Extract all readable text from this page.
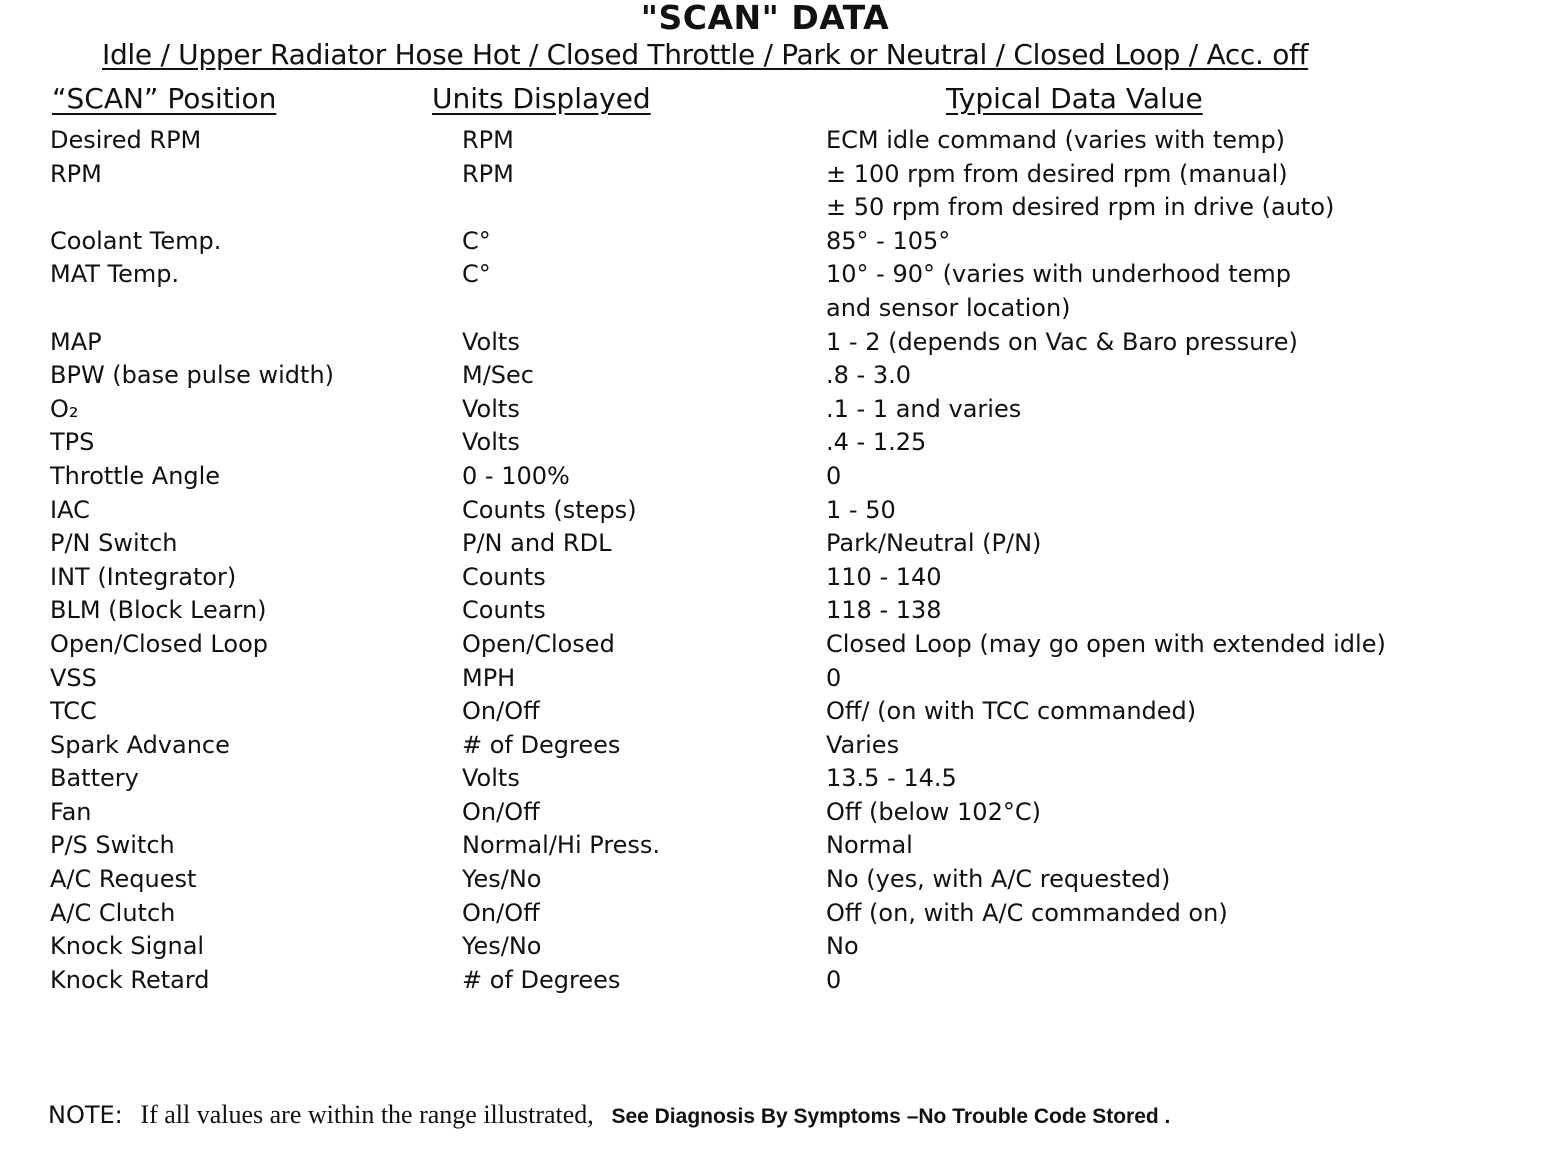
"SCAN" DATA
Idle / Upper Radiator Hose Hot / Closed Throttle / Park or Neutral / Closed Loop / Acc. off
“SCAN” Position	Units Displayed	Typical Data Value
Desired RPM	RPM	ECM idle command (varies with temp)
RPM	RPM	± 100 rpm from desired rpm (manual)
± 50 rpm from desired rpm in drive (auto)
Coolant Temp.	C°	85° - 105°
MAT Temp.	C°	10° - 90° (varies with underhood temp
and sensor location)
MAP	Volts	1 - 2 (depends on Vac & Baro pressure)
BPW (base pulse width)	M/Sec	.8 - 3.0
O₂	Volts	.1 - 1 and varies
TPS	Volts	.4 - 1.25
Throttle Angle	0 - 100%	0
IAC	Counts (steps)	1 - 50
P/N Switch	P/N and RDL	Park/Neutral (P/N)
INT (Integrator)	Counts	110 - 140
BLM (Block Learn)	Counts	118 - 138
Open/Closed Loop	Open/Closed	Closed Loop (may go open with extended idle)
VSS	MPH	0
TCC	On/Off	Off/ (on with TCC commanded)
Spark Advance	# of Degrees	Varies
Battery	Volts	13.5 - 14.5
Fan	On/Off	Off (below 102°C)
P/S Switch	Normal/Hi Press.	Normal
A/C Request	Yes/No	No (yes, with A/C requested)
A/C Clutch	On/Off	Off (on, with A/C commanded on)
Knock Signal	Yes/No	No
Knock Retard	# of Degrees	0
NOTE: If all values are within the range illustrated, See Diagnosis By Symptoms –No Trouble Code Stored .
